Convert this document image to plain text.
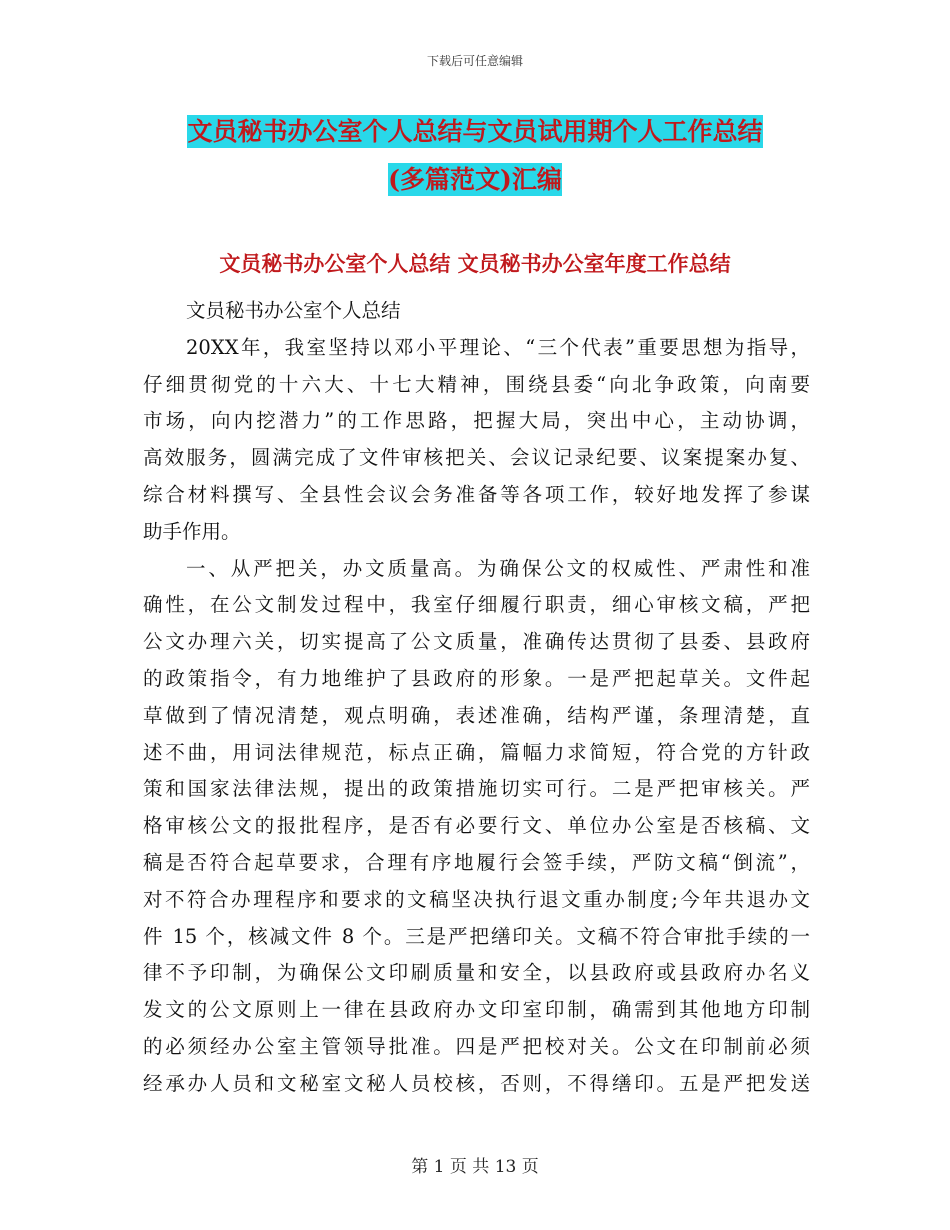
下载后可任意编辑
文员秘书办公室个人总结与文员试用期个人工作总结
(多篇范文)汇编
文员秘书办公室个人总结 文员秘书办公室年度工作总结
文员秘书办公室个人总结
20XX年，我室坚持以邓小平理论、“三个代表”重要思想为指导，
仔细贯彻党的十六大、十七大精神，围绕县委“向北争政策，向南要
市场，向内挖潜力”的工作思路，把握大局，突出中心，主动协调，
高效服务，圆满完成了文件审核把关、会议记录纪要、议案提案办复、
综合材料撰写、全县性会议会务准备等各项工作，较好地发挥了参谋
助手作用。
一、从严把关，办文质量高。为确保公文的权威性、严肃性和准
确性，在公文制发过程中，我室仔细履行职责，细心审核文稿，严把
公文办理六关，切实提高了公文质量，准确传达贯彻了县委、县政府
的政策指令，有力地维护了县政府的形象。一是严把起草关。文件起
草做到了情况清楚，观点明确，表述准确，结构严谨，条理清楚，直
述不曲，用词法律规范，标点正确，篇幅力求简短，符合党的方针政
策和国家法律法规，提出的政策措施切实可行。二是严把审核关。严
格审核公文的报批程序，是否有必要行文、单位办公室是否核稿、文
稿是否符合起草要求，合理有序地履行会签手续，严防文稿“倒流”，
对不符合办理程序和要求的文稿坚决执行退文重办制度;今年共退办文
件 15 个，核减文件 8 个。三是严把缮印关。文稿不符合审批手续的一
律不予印制，为确保公文印刷质量和安全，以县政府或县政府办名义
发文的公文原则上一律在县政府办文印室印制，确需到其他地方印制
的必须经办公室主管领导批准。四是严把校对关。公文在印制前必须
经承办人员和文秘室文秘人员校核，否则，不得缮印。五是严把发送
第 1 页 共 13 页
